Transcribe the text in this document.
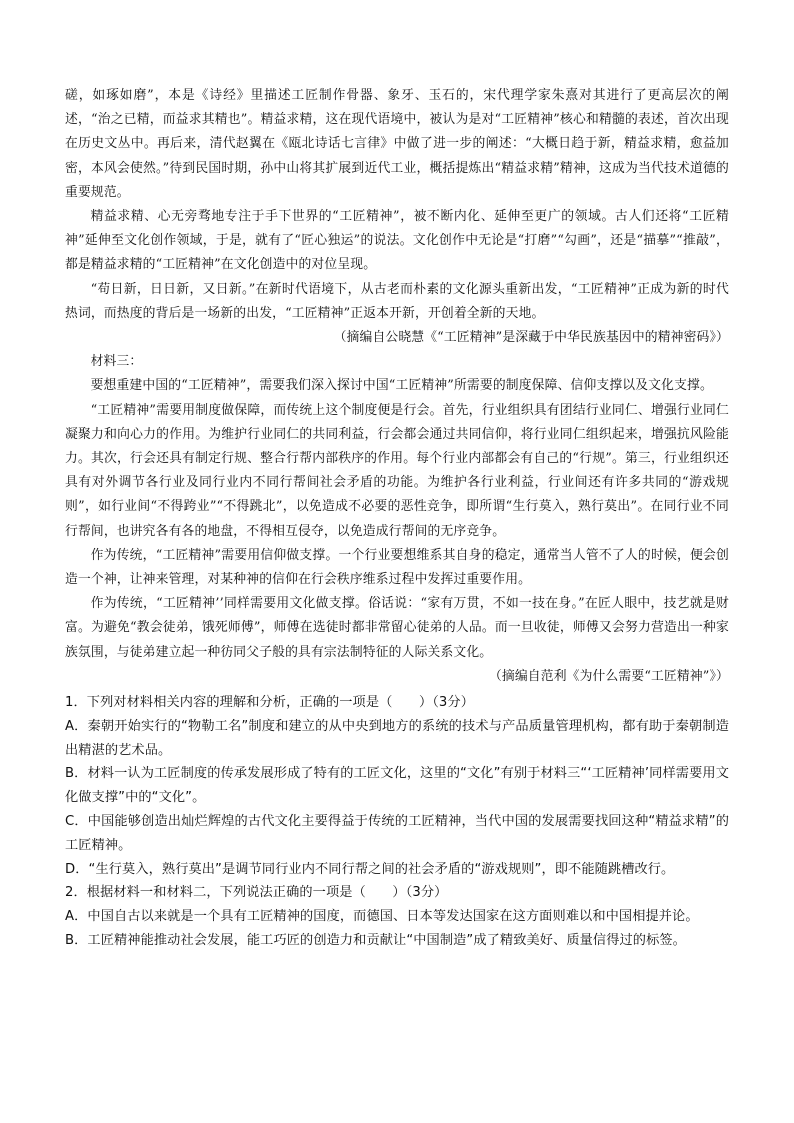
磋，如琢如磨”，本是《诗经》里描述工匠制作骨器、象牙、玉石的，宋代理学家朱熹对其进行了更高层次的阐述，“治之已精，而益求其精也”。精益求精，这在现代语境中，被认为是对“工匠精神”核心和精髓的表述，首次出现在历史文丛中。再后来，清代赵翼在《瓯北诗话七言律》中做了进一步的阐述：“大概日趋于新，精益求精，愈益加密，本风会使然。”待到民国时期，孙中山将其扩展到近代工业，概括提炼出“精益求精”精神，这成为当代技术道德的重要规范。

精益求精、心无旁骛地专注于手下世界的“工匠精神”，被不断内化、延伸至更广的领域。古人们还将“工匠精神”延伸至文化创作领域，于是，就有了“匠心独运”的说法。文化创作中无论是“打磨”“勾画”，还是“描摹”“推敲”，都是精益求精的“工匠精神”在文化创造中的对位呈现。

“苟日新，日日新，又日新。”在新时代语境下，从古老而朴素的文化源头重新出发，“工匠精神”正成为新的时代热词，而热度的背后是一场新的出发，“工匠精神”正返本开新，开创着全新的天地。

（摘编自公晓慧《“工匠精神”是深藏于中华民族基因中的精神密码》）

材料三：

要想重建中国的“工匠精神”，需要我们深入探讨中国“工匠精神”所需要的制度保障、信仰支撑以及文化支撑。

“工匠精神”需要用制度做保障，而传统上这个制度便是行会。首先，行业组织具有团结行业同仁、增强行业同仁凝聚力和向心力的作用。为维护行业同仁的共同利益，行会都会通过共同信仰，将行业同仁组织起来，增强抗风险能力。其次，行会还具有制定行规、整合行帮内部秩序的作用。每个行业内部都会有自己的“行规”。第三，行业组织还具有对外调节各行业及同行业内不同行帮间社会矛盾的功能。为维护各行业利益，行业间还有许多共同的“游戏规则”，如行业间“不得跨业”“不得跳北”，以免造成不必要的恶性竞争，即所谓“生行莫入，熟行莫出”。在同行业不同行帮间，也讲究各有各的地盘，不得相互侵夺，以免造成行帮间的无序竞争。

作为传统，“工匠精神”需要用信仰做支撑。一个行业要想维系其自身的稳定，通常当人管不了人的时候，便会创造一个神，让神来管理，对某种神的信仰在行会秩序维系过程中发挥过重要作用。

作为传统，“工匠精神’’同样需要用文化做支撑。俗话说：“家有万贯，不如一技在身。”在匠人眼中，技艺就是财富。为避免“教会徒弟，饿死师傅”，师傅在选徒时都非常留心徒弟的人品。而一旦收徒，师傅又会努力营造出一种家族氛围，与徒弟建立起一种彷同父子般的具有宗法制特征的人际关系文化。

（摘编自范利《为什么需要“工匠精神”》）

1．下列对材料相关内容的理解和分析，正确的一项是（　　）（3分）

A．秦朝开始实行的“物勒工名”制度和建立的从中央到地方的系统的技术与产品质量管理机构，都有助于秦朝制造出精湛的艺术品。

B．材料一认为工匠制度的传承发展形成了特有的工匠文化，这里的“文化”有别于材料三“‘工匠精神’同样需要用文化做支撑”中的“文化”。

C．中国能够创造出灿烂辉煌的古代文化主要得益于传统的工匠精神，当代中国的发展需要找回这种“精益求精”的工匠精神。

D．“生行莫入，熟行莫出”是调节同行业内不同行帮之间的社会矛盾的“游戏规则”，即不能随跳槽改行。

2．根据材料一和材料二，下列说法正确的一项是（　　）（3分）

A．中国自古以来就是一个具有工匠精神的国度，而德国、日本等发达国家在这方面则难以和中国相提并论。

B．工匠精神能推动社会发展，能工巧匠的创造力和贡献让“中国制造”成了精致美好、质量信得过的标签。
